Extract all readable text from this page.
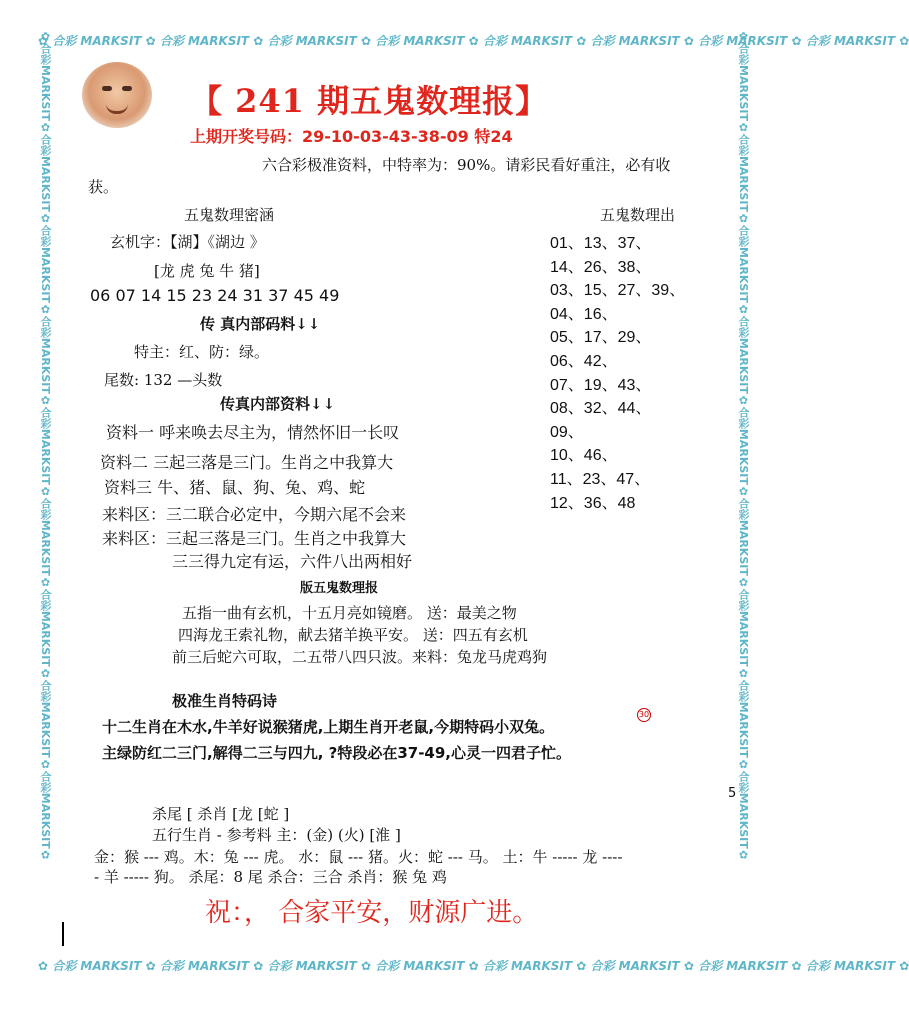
✿ 合彩 MARKSIT ✿ 合彩 MARKSIT ✿ 合彩 MARKSIT ✿ 合彩 MARKSIT ✿ 合彩 MARKSIT ✿ 合彩 MARKSIT ✿ 合彩 MARKSIT ✿ 合彩 MARKSIT ✿
✿ 合彩 MARKSIT ✿ 合彩 MARKSIT ✿ 合彩 MARKSIT ✿ 合彩 MARKSIT ✿ 合彩 MARKSIT ✿ 合彩 MARKSIT ✿ 合彩 MARKSIT ✿ 合彩 MARKSIT ✿
✿合彩MARKSIT✿合彩MARKSIT✿合彩MARKSIT✿合彩MARKSIT✿合彩MARKSIT✿合彩MARKSIT✿合彩MARKSIT✿合彩MARKSIT✿合彩MARKSIT✿	✿合彩MARKSIT✿合彩MARKSIT✿合彩MARKSIT✿合彩MARKSIT✿合彩MARKSIT✿合彩MARKSIT✿合彩MARKSIT✿合彩MARKSIT✿合彩MARKSIT✿
【 241 期五鬼数理报】
上期开奖号码：29-10-03-43-38-09 特24
六合彩极准资料，中特率为：90%。请彩民看好重注，必有收
获。
五鬼数理密涵
玄机字：【湖】《湖边 》
[龙 虎 兔 牛 猪]
06 07 14 15 23 24 31 37 45 49
传 真内部码料↓↓
特主：红、防：绿。
尾数: 132 —头数
传真内部资料↓↓
资料一 呼来唤去尽主为，情然怀旧一长叹
资料二 三起三落是三门。生肖之中我算大
资料三 牛、猪、鼠、狗、兔、鸡、蛇
来料区：三二联合必定中，今期六尾不会来
来料区：三起三落是三门。生肖之中我算大
三三得九定有运，六件八出两相好
五鬼数理出
01、13、37、
14、26、38、
03、15、27、39、
04、16、
05、17、29、
06、42、
07、19、43、
08、32、44、
09、
10、46、
11、23、47、
12、36、48
版五鬼数理报
五指一曲有玄机，十五月亮如镜磨。 送：最美之物
四海龙王索礼物，献去猪羊换平安。 送：四五有玄机
前三后蛇六可取，二五带八四只波。来料：兔龙马虎鸡狗
极准生肖特码诗
十二生肖在木水,牛羊好说猴猪虎,上期生肖开老鼠,今期特码小双兔。
主绿防红二三门,解得二三与四九, ?特段必在37-49,心灵一四君子忙。
30
5
杀尾 [ 杀肖 [龙 [蛇 ]
五行生肖 - 参考料 主：(金) (火) [淮 ]
金：猴 --- 鸡。木：兔 --- 虎。 水：鼠 --- 猪。火：蛇 --- 马。 土：牛 ----- 龙 ----
- 羊 ----- 狗。 杀尾：8 尾 杀合：三合 杀肖：猴 兔 鸡
祝：， 合家平安，财源广进。
